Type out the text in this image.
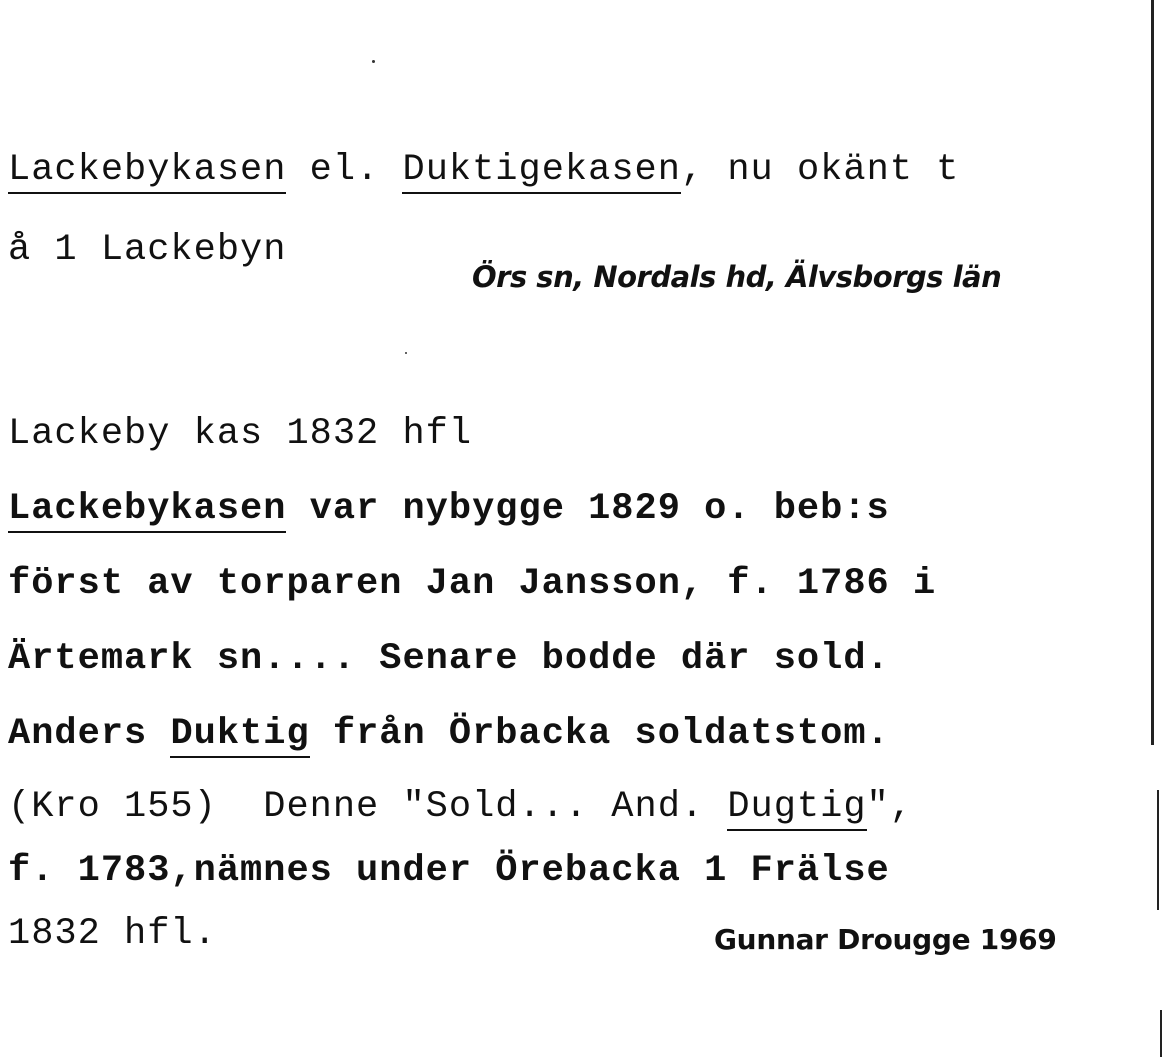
Lackebykasen el. Duktigekasen, nu okänt t
å 1 Lackebyn
Örs sn, Nordals hd, Älvsborgs län
Lackeby kas 1832 hfl
Lackebykasen var nybygge 1829 o. beb:s
först av torparen Jan Jansson, f. 1786 i
Ärtemark sn.... Senare bodde där sold.
Anders Duktig från Örbacka soldatstom.
(Kro 155)  Denne "Sold... And. Dugtig",
f. 1783,nämnes under Örebacka 1 Frälse
1832 hfl.	Gunnar Drougge 1969
